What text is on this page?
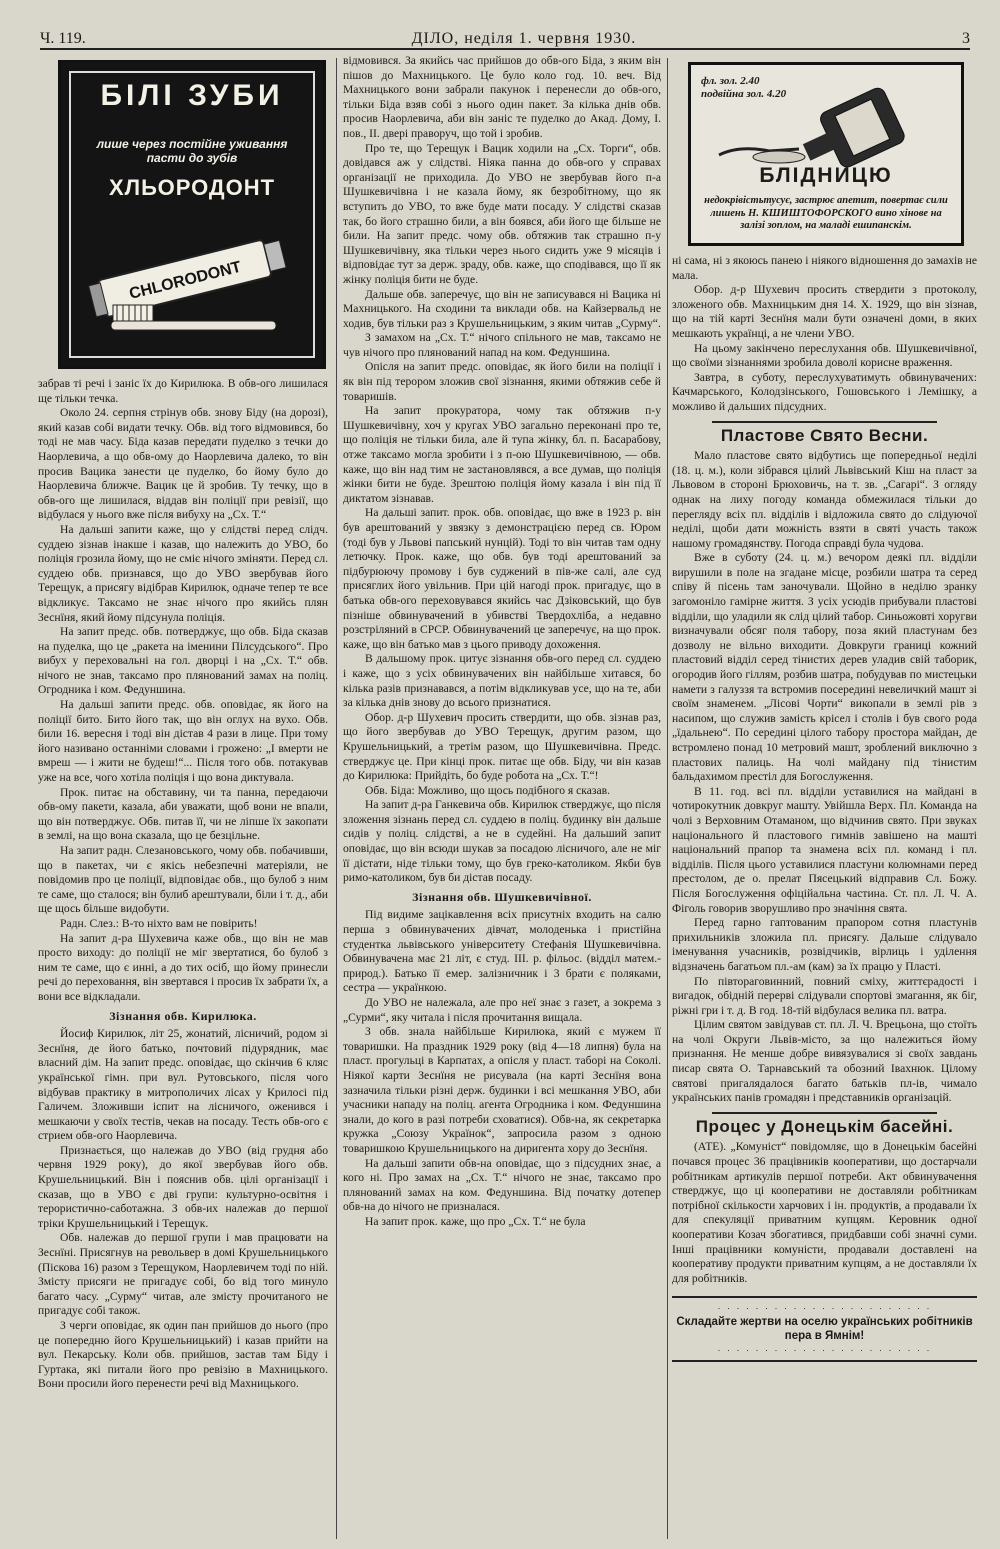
Ч. 119.	ДІЛО, неділя 1. червня 1930.	3
БІЛІ ЗУБИ
лише через постійне уживання пасти до зубів
ХЛЬОРОДОНТ
CHLORODONT

забрав ті речі і заніс їх до Кирилюка. В обв-ого лишилася ще тільки течка.

Около 24. серпня стрінув обв. знову Біду (на дорозі), який казав собі видати течку. Обв. від того відмовився, бо тоді не мав часу. Біда казав передати пуделко з течки до Наорлевича, а що обв-ому до Наорлевича далеко, то він просив Вацика занести це пуделко, бо йому було до Наорлевича ближче. Вацик це й зробив. Ту течку, що в обв-ого ще лишилася, віддав він поліції при ревізії, що відбулася у нього вже після вибуху на „Сх. Т.“

На дальші запити каже, що у слідстві перед слідч. суддею зізнав інакше і казав, що належить до УВО, бо поліція грозила йому, що не сміє нічого зміняти. Перед сл. суддею обв. признався, що до УВО звербував його Терещук, а присягу відібрав Кирилюк, одначе тепер те все відкликує. Таксамо не знає нічого про якийсь плян Зеснїня, який йому підсунула поліція.

На запит предс. обв. потверджує, що обв. Біда сказав на пуделка, що це „ракета на іменини Пілсудського“. Про вибух у переховальні на гол. дворці і на „Сх. Т.“ обв. нічого не знав, таксамо про плянований замах на поліц. Огродника і ком. Федуншина.

На дальші запити предс. обв. оповідає, як його на поліції бито. Бито його так, що він оглух на вухо. Обв. били 16. вересня і тоді він дістав 4 рази в лице. При тому його називано останніми словами і грожено: „І вмерти не вмреш — і жити не будеш!“... Після того обв. потакував уже на все, чого хотіла поліція і що вона диктувала.

Прок. питає на обставину, чи та панна, передаючи обв-ому пакети, казала, аби уважати, щоб вони не впали, що він потверджує. Обв. питав її, чи не ліпше їх закопати в землі, на що вона сказала, що це безцільне.

На запит радн. Слезановського, чому обв. побачивши, що в пакетах, чи є якісь небезпечні матеріяли, не повідомив про це поліції, відповідає обв., що булоб з ним те саме, що сталося; він булиб арештували, біли і т. д., аби ще щось більше видобути.

Радн. Слез.: В-то ніхто вам не повірить!

На запит д-ра Шухевича каже обв., що він не мав просто виходу: до поліції не міг звертатися, бо булоб з ним те саме, що є инні, а до тих осіб, що йому принесли речі до переховання, він звертався і просив їх забрати їх, а вони все відкладали.

Зізнання обв. Кирилюка.

Йосиф Кирилюк, літ 25, жонатий, лісничий, родом зі Зеснїня, де його батько, почтовий підурядник, має власний дім. На запит предс. оповідає, що скінчив 6 кляс української гімн. при вул. Рутовського, після чого відбував практику в митрополичих лісах у Крилосі під Галичем. Зложивши іспит на лісничого, оженився і мешкаючи у своїх тестів, чекав на посаду. Тесть обв-ого є стрием обв-ого Наорлевича.

Признається, що належав до УВО (від грудня або червня 1929 року), до якої звербував його обв. Крушельницький. Він і пояснив обв. цілі організації і сказав, що в УВО є дві групи: культурно-освітня і терористично-саботажна. З обв-их належав до першої тріки Крушельницький і Терещук.

Обв. належав до першої групи і мав працювати на Зеснїні. Присягнув на револьвер в домі Крушельницького (Піскова 16) разом з Терещуком, Наорлевичем тоді по ній. Змісту присяги не пригадує собі, бо від того минуло багато часу. „Сурму“ читав, але змісту прочитаного не пригадує собі також.

З черги оповідає, як один пан прийшов до нього (про це попередню його Крушельницький) і казав прийти на вул. Пекарську. Коли обв. прийшов, застав там Біду і Гуртака, які питали його про ревізію в Махницького. Вони просили його перенести речі від Махницького.

відмовився. За якийсь час прийшов до обв-ого Біда, з яким він пішов до Махницького. Це було коло год. 10. веч. Від Махницького вони забрали пакунок і перенесли до обв-ого, тільки Біда взяв собі з нього один пакет. За кілька днів обв. просив Наорлевича, аби він заніс те пуделко до Акад. Дому, І. пов., ІІ. двері праворуч, що той і зробив.

Про те, що Терещук і Вацик ходили на „Сх. Торги“, обв. довідався аж у слідстві. Ніяка панна до обв-ого у справах організації не приходила. До УВО не звербував його п-а Шушкевичівна і не казала йому, як безробітному, що як вступить до УВО, то вже буде мати посаду. У слідстві сказав так, бо його страшно били, а він боявся, аби його ще більше не били. На запит предс. чому обв. обтяжив так страшно п-у Шушкевичівну, яка тільки через нього сидить уже 9 місяців і відповідає тут за держ. зраду, обв. каже, що сподівався, що її як жінку поліція бити не буде.

Дальше обв. заперечує, що він не записувався ні Вацика ні Махницького. На сходини та виклади обв. на Кайзервальд не ходив, був тільки раз з Крушельницьким, з яким читав „Сурму“.

З замахом на „Сх. Т.“ нічого спільного не мав, таксамо не чув нічого про плянований напад на ком. Федуншина.

Опісля на запит предс. оповідає, як його били на поліції і як він під терором зложив свої зізнання, якими обтяжив себе й товаришів.

На запит прокуратора, чому так обтяжив п-у Шушкевичівну, хоч у кругах УВО загально переконані про те, що поліція не тільки била, але й тупа жінку, бл. п. Басарабову, отже таксамо могла зробити і з п-ою Шушкевичівною, — обв. каже, що він над тим не застановлявся, а все думав, що поліція жінки бити не буде. Зрештою поліція йому казала і він під її диктатом зізнавав.

На дальші запит. прок. обв. оповідає, що вже в 1923 р. він був арештований у звязку з демонстрацією перед св. Юром (тоді був у Львові папський нунцій). Тоді то він читав там одну летючку. Прок. каже, що обв. був тоді арештований за підбурюючу промову і був суджений в пів-же салі, але суд присяглих його увільнив. При цій нагоді прок. пригадує, що в батька обв-ого переховувався якийсь час Дзіковський, що був пізніше обвинувачений в убивстві Твердохліба, а недавно розстріляний в СРСР. Обвинувачений це заперечує, на що прок. каже, що він батько мав з цього приводу дохоження.

В дальшому прок. цитує зізнання обв-ого перед сл. суддею і каже, що з усіх обвинувачених він найбільше хитався, бо кілька разів признавався, а потім відкликував усе, що на те, аби за кілька днів знову до всього признатися.

Обор. д-р Шухевич просить ствердити, що обв. зізнав раз, що його звербував до УВО Терещук, другим разом, що Крушельницький, а третім разом, що Шушкевичівна. Предс. стверджує це. При кінці прок. питає ще обв. Біду, чи він казав до Кирилюка: Прийдіть, бо буде робота на „Сх. Т.“!

Обв. Біда: Можливо, що щось подібного я сказав.

На запит д-ра Ганкевича обв. Кирилюк стверджує, що після зложення зізнань перед сл. суддею в поліц. будинку він дальше сидів у поліц. слідстві, а не в судейнi. На дальший запит оповідає, що він всюди шукав за посадою лісничого, але не міг її дістати, ніде тільки тому, що був греко-католиком. Якби був римо-католиком, був би дістав посаду.

Зізнання обв. Шушкевичівної.

Під видиме зацікавлення всіх присутніх входить на салю перша з обвинувачених дівчат, молоденька і пристійна студентка львівського університету Стефанія Шушкевичівна. Обвинувачена має 21 літ, є студ. ІІІ. р. фільос. (відділ матем.-природ.). Батько її емер. залізничник і 3 брати є поляками, сестра — українкою.

До УВО не належала, але про неї знає з газет, а зокрема з „Сурми“, яку читала і після прочитання вищала.

З обв. знала найбільше Кирилюка, який є мужем її товаришки. На праздник 1929 року (від 4—18 липня) була на пласт. прогульці в Карпатах, а опісля у пласт. таборі на Соколі. Ніякої карти Зеснїня не рисувала (на карті Зеснїня вона зазначила тільки різні держ. будинки і всі мешкання УВО, аби учасники нападу на поліц. агента Огродника і ком. Федуншина знали, до кого в разі потреби сховатися). Обв-на, як секретарка кружка „Союзу Українок“, запросила разом з одною товаришкою Крушельницького на диригента хору до Зеснїня.

На дальші запити обв-на оповідає, що з підсудних знає, а кого ні. Про замах на „Сх. Т.“ нічого не знає, таксамо про плянований замах на ком. Федуншина. Від початку дотепер обв-на до нічого не призналася.

На запит прок. каже, що про „Сх. Т.“ не була

фл. зол. 2.40
подвійна зол. 4.20
БЛІДНИЦЮ
недокрівістьтусує, застрює апетит, повертає сили лишень Н. КШИШТОФОРСКОГО вино хінове на залізі зоплом, на маладі ешипанскім.

ні сама, ні з якоюсь панею і ніякого відношення до замахів не мала.

Обор. д-р Шухевич просить ствердити з протоколу, зложеного обв. Махницьким дня 14. Х. 1929, що він зізнав, що на тій карті Зеснїня мали бути означені доми, в яких мешкають українці, а не члени УВО.

На цьому закінчено переслухання обв. Шушкевичівної, що своїми зізнаннями зробила доволі корисне враження.

Завтра, в суботу, переслухуватимуть обвинувачених: Качмарського, Колодзінського, Гошовського і Лемішку, а можливо й дальших підсудних.

Пластове Свято Весни.

Мало пластове свято відбутись ще попередньої неділі (18. ц. м.), коли зібрався цілий Львівський Кіш на пласт за Львовом в стороні Брюховичь, на т. зв. „Сагарі“. З огляду однак на лиху погоду команда обмежилася тільки до перегляду всіх пл. відділів і відложила свято до слідуючої неділі, щоби дати можність взяти в святі участь також нашому громадянству. Погода справді була чудова.

Вже в суботу (24. ц. м.) вечором деякі пл. відділи вирушили в поле на згадане місце, розбили шатра та серед співу й пісень там заночували. Щойно в неділю зранку загомоніло гамірне життя. З усіх усюдів прибували пластові відділи, що уладили як слід цілий табор. Синьожовті хоругви визначували обсяг поля табору, поза який пластунам без дозволу не вільно виходити. Довкруги границі кожний пластовий відділ серед тінистих дерев уладив свій таборик, огородив його гіллям, розбив шатра, побудував по мистецьки намети з галуззя та встромив посередині невеличкий машт зі своїм знаменем. „Лісові Чорти“ викопали в землі рів з насипом, що служив замість крісел і столів і був свого рода „їдальнею“. По середині цілого табору простора майдан, де встромлено понад 10 метровий машт, зроблений виключно з пластових палиць. На чолі майдану під тінистим бальдахимом престіл для Богослуження.

В 11. год. всі пл. відділи уставилися на майдані в чотирокутник довкруг машту. Увійшла Верх. Пл. Команда на чолі з Верховним Отаманом, що відчинив свято. При звуках національного й пластового гимнів завішено на машті національний прапор та знамена всіх пл. команд і пл. відділів. Після цього уставилися пластуни колюмнами перед престолом, де о. прелат Пясецький відправив Сл. Божу. Після Богослуження офіційальна частина. Ст. пл. Л. Ч. А. Фіголь говорив зворушливо про значіння свята.

Перед гарно гаптованим прапором сотня пластунів прихильників зложила пл. присягу. Дальше слідувало іменування учасників, розвідчиків, вірлиць і уділення відзначень багатьом пл.-ам (кам) за їх працю у Пласті.

По півтораговинний, повний сміху, життєрадості і вигадок, обідній перерві слідували спортові змагання, як біг, ріжні гри і т. д. В год. 18-тій відбулася велика пл. ватра.

Цілим святом завідував ст. пл. Л. Ч. Врецьона, що стоїть на чолі Округи Львів-місто, за що належиться йому признання. Не менше добре вивязувалися зі своїх завдань писар свята О. Тарнавський та обозний Івахнюк. Цілому святові пригалядалося багато батьків пл-ів, чимало українських панів громадян і представників організацій.

Процес у Донецькім басейні.

(АТЕ). „Комуніст“ повідомляє, що в Донецькім басейні почався процес 36 працівників кооперативи, що достарчали робітникам артикулів першої потреби. Акт обвинувачення стверджує, що ці кооперативи не доставляли робітникам потрібної скількости харчових і ін. продуктів, а продавали їх для спекуляції приватним купцям. Керовник одної кооперативи Козач збогатився, придбавши собі значні суми. Інші працівники комуністи, продавали доставлені на кооперативу продукти приватним купцям, а не доставляли їх для робітників.

· · · · · · · · · · · · · · · · · · · · · · ·
Складайте жертви на оселю українських робітників пера в Ямнім!
· · · · · · · · · · · · · · · · · · · · · · ·
